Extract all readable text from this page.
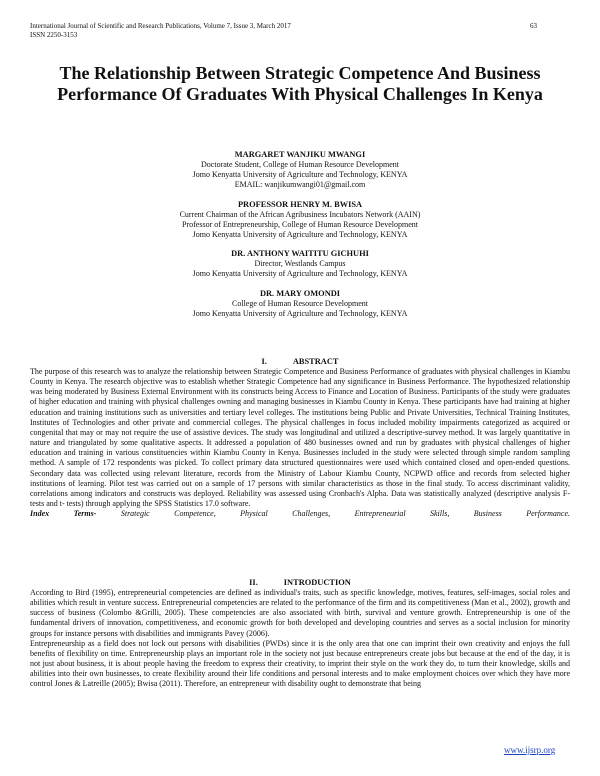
International Journal of Scientific and Research Publications, Volume 7, Issue 3, March 2017
ISSN 2250-3153
63
The Relationship Between Strategic Competence And Business Performance Of Graduates With Physical Challenges In Kenya
MARGARET WANJIKU MWANGI
Doctorate Student, College of Human Resource Development
Jomo Kenyatta University of Agriculture and Technology, KENYA
EMAIL: wanjikumwangi01@gmail.com
PROFESSOR HENRY M. BWISA
Current Chairman of the African Agribusiness Incubators Network (AAIN)
Professor of Entrepreneurship, College of Human Resource Development
Jomo Kenyatta University of Agriculture and Technology, KENYA
DR. ANTHONY WAITITU GICHUHI
Director, Westlands Campus
Jomo Kenyatta University of Agriculture and Technology, KENYA
DR. MARY OMONDI
College of Human Resource Development
Jomo Kenyatta University of Agriculture and Technology, KENYA
I.	ABSTRACT
The purpose of this research was to analyze the relationship between Strategic Competence and Business Performance of graduates with physical challenges in Kiambu County in Kenya. The research objective was to establish whether Strategic Competence had any significance in Business Performance. The hypothesized relationship was being moderated by Business External Environment with its constructs being Access to Finance and Location of Business. Participants of the study were graduates of higher education and training with physical challenges owning and managing businesses in Kiambu County in Kenya. These participants have had training at higher education and training institutions such as universities and tertiary level colleges. The institutions being Public and Private Universities, Technical Training Institutes, Institutes of Technologies and other private and commercial colleges. The physical challenges in focus included mobility impairments categorized as acquired or congenital that may or may not require the use of assistive devices. The study was longitudinal and utilized a descriptive-survey method. It was largely quantitative in nature and triangulated by some qualitative aspects. It addressed a population of 480 businesses owned and run by graduates with physical challenges of higher education and training in various constituencies within Kiambu County in Kenya. Businesses included in the study were selected through simple random sampling method. A sample of 172 respondents was picked. To collect primary data structured questionnaires were used which contained closed and open-ended questions. Secondary data was collected using relevant literature, records from the Ministry of Labour Kiambu County, NCPWD office and records from selected higher institutions of learning. Pilot test was carried out on a sample of 17 persons with similar characteristics as those in the final study. To access discriminant validity, correlations among indicators and constructs was deployed. Reliability was assessed using Cronbach's Alpha. Data was statistically analyzed (descriptive analysis F-tests and t- tests) through applying the SPSS Statistics 17.0 software.
Index Terms-	Strategic Competence, Physical Challenges, Entrepreneurial Skills, Business Performance.
II.	INTRODUCTION
According to Bird (1995), entrepreneurial competencies are defined as individual's traits, such as specific knowledge, motives, features, self-images, social roles and abilities which result in venture success. Entrepreneurial competencies are related to the performance of the firm and its competitiveness (Man et al., 2002), growth and success of business (Colombo &Grilli, 2005). These competencies are also associated with birth, survival and venture growth. Entrepreneurship is one of the fundamental drivers of innovation, competitiveness, and economic growth for both developed and developing countries and serves as a social inclusion for minority groups for instance persons with disabilities and immigrants Pavey (2006).
Entrepreneurship as a field does not lock out persons with disabilities (PWDs) since it is the only area that one can imprint their own creativity and enjoys the full benefits of flexibility on time. Entrepreneurship plays an important role in the society not just because entrepreneurs create jobs but because at the end of the day, it is not just about business, it is about people having the freedom to express their creativity, to imprint their style on the work they do, to turn their knowledge, skills and abilities into their own businesses, to create flexibility around their life conditions and personal interests and to make employment choices over which they have more control Jones & Latreille (2005); Bwisa (2011). Therefore, an entrepreneur with disability ought to demonstrate that being
www.ijsrp.org
